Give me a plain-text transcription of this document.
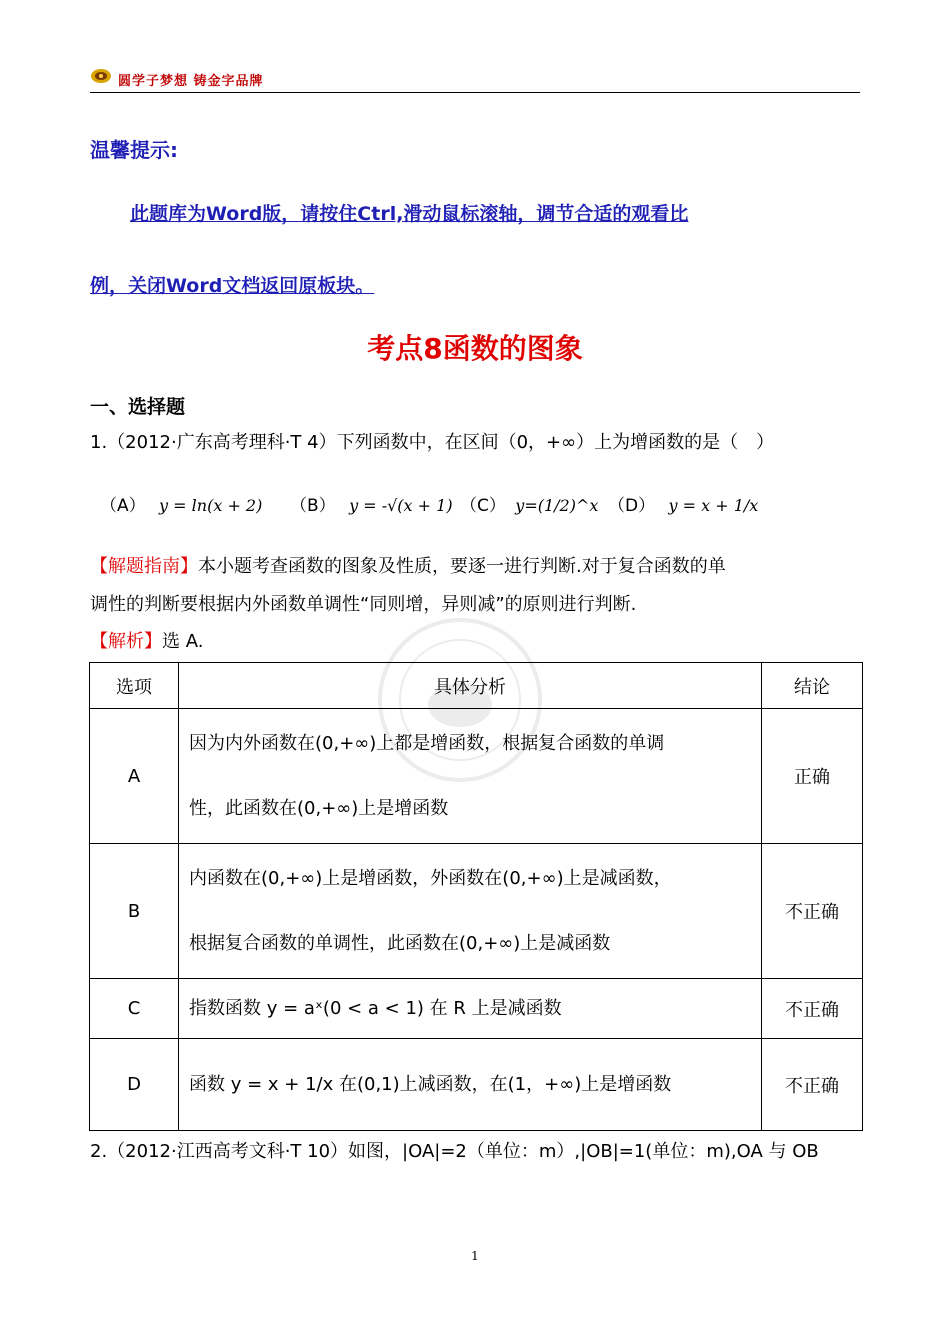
圆学子梦想 铸金字品牌
温馨提示:
此题库为Word版，请按住Ctrl,滑动鼠标滚轴，调节合适的观看比
例，关闭Word文档返回原板块。
考点8函数的图象
一、选择题
1.（2012·广东高考理科·T 4）下列函数中，在区间（0，+∞）上为增函数的是（　）
（A） y = ln(x + 2) （B） y = -√(x + 1) （C） y=(1/2)^x （D） y = x + 1/x
【解题指南】本小题考查函数的图象及性质，要逐一进行判断.对于复合函数的单
调性的判断要根据内外函数单调性“同则增，异则减”的原则进行判断.
【解析】选 A.
选项	具体分析	结论
A	因为内外函数在(0,+∞)上都是增函数，根据复合函数的单调
性，此函数在(0,+∞)上是增函数	正确
B	内函数在(0,+∞)上是增函数，外函数在(0,+∞)上是减函数，
根据复合函数的单调性，此函数在(0,+∞)上是减函数	不正确
C	指数函数 y = aˣ(0 < a < 1) 在 R 上是减函数	不正确
D	函数 y = x + 1/x 在(0,1)上减函数，在(1，+∞)上是增函数	不正确
2.（2012·江西高考文科·T 10）如图，|OA|=2（单位：m）,|OB|=1(单位：m),OA 与 OB
1
